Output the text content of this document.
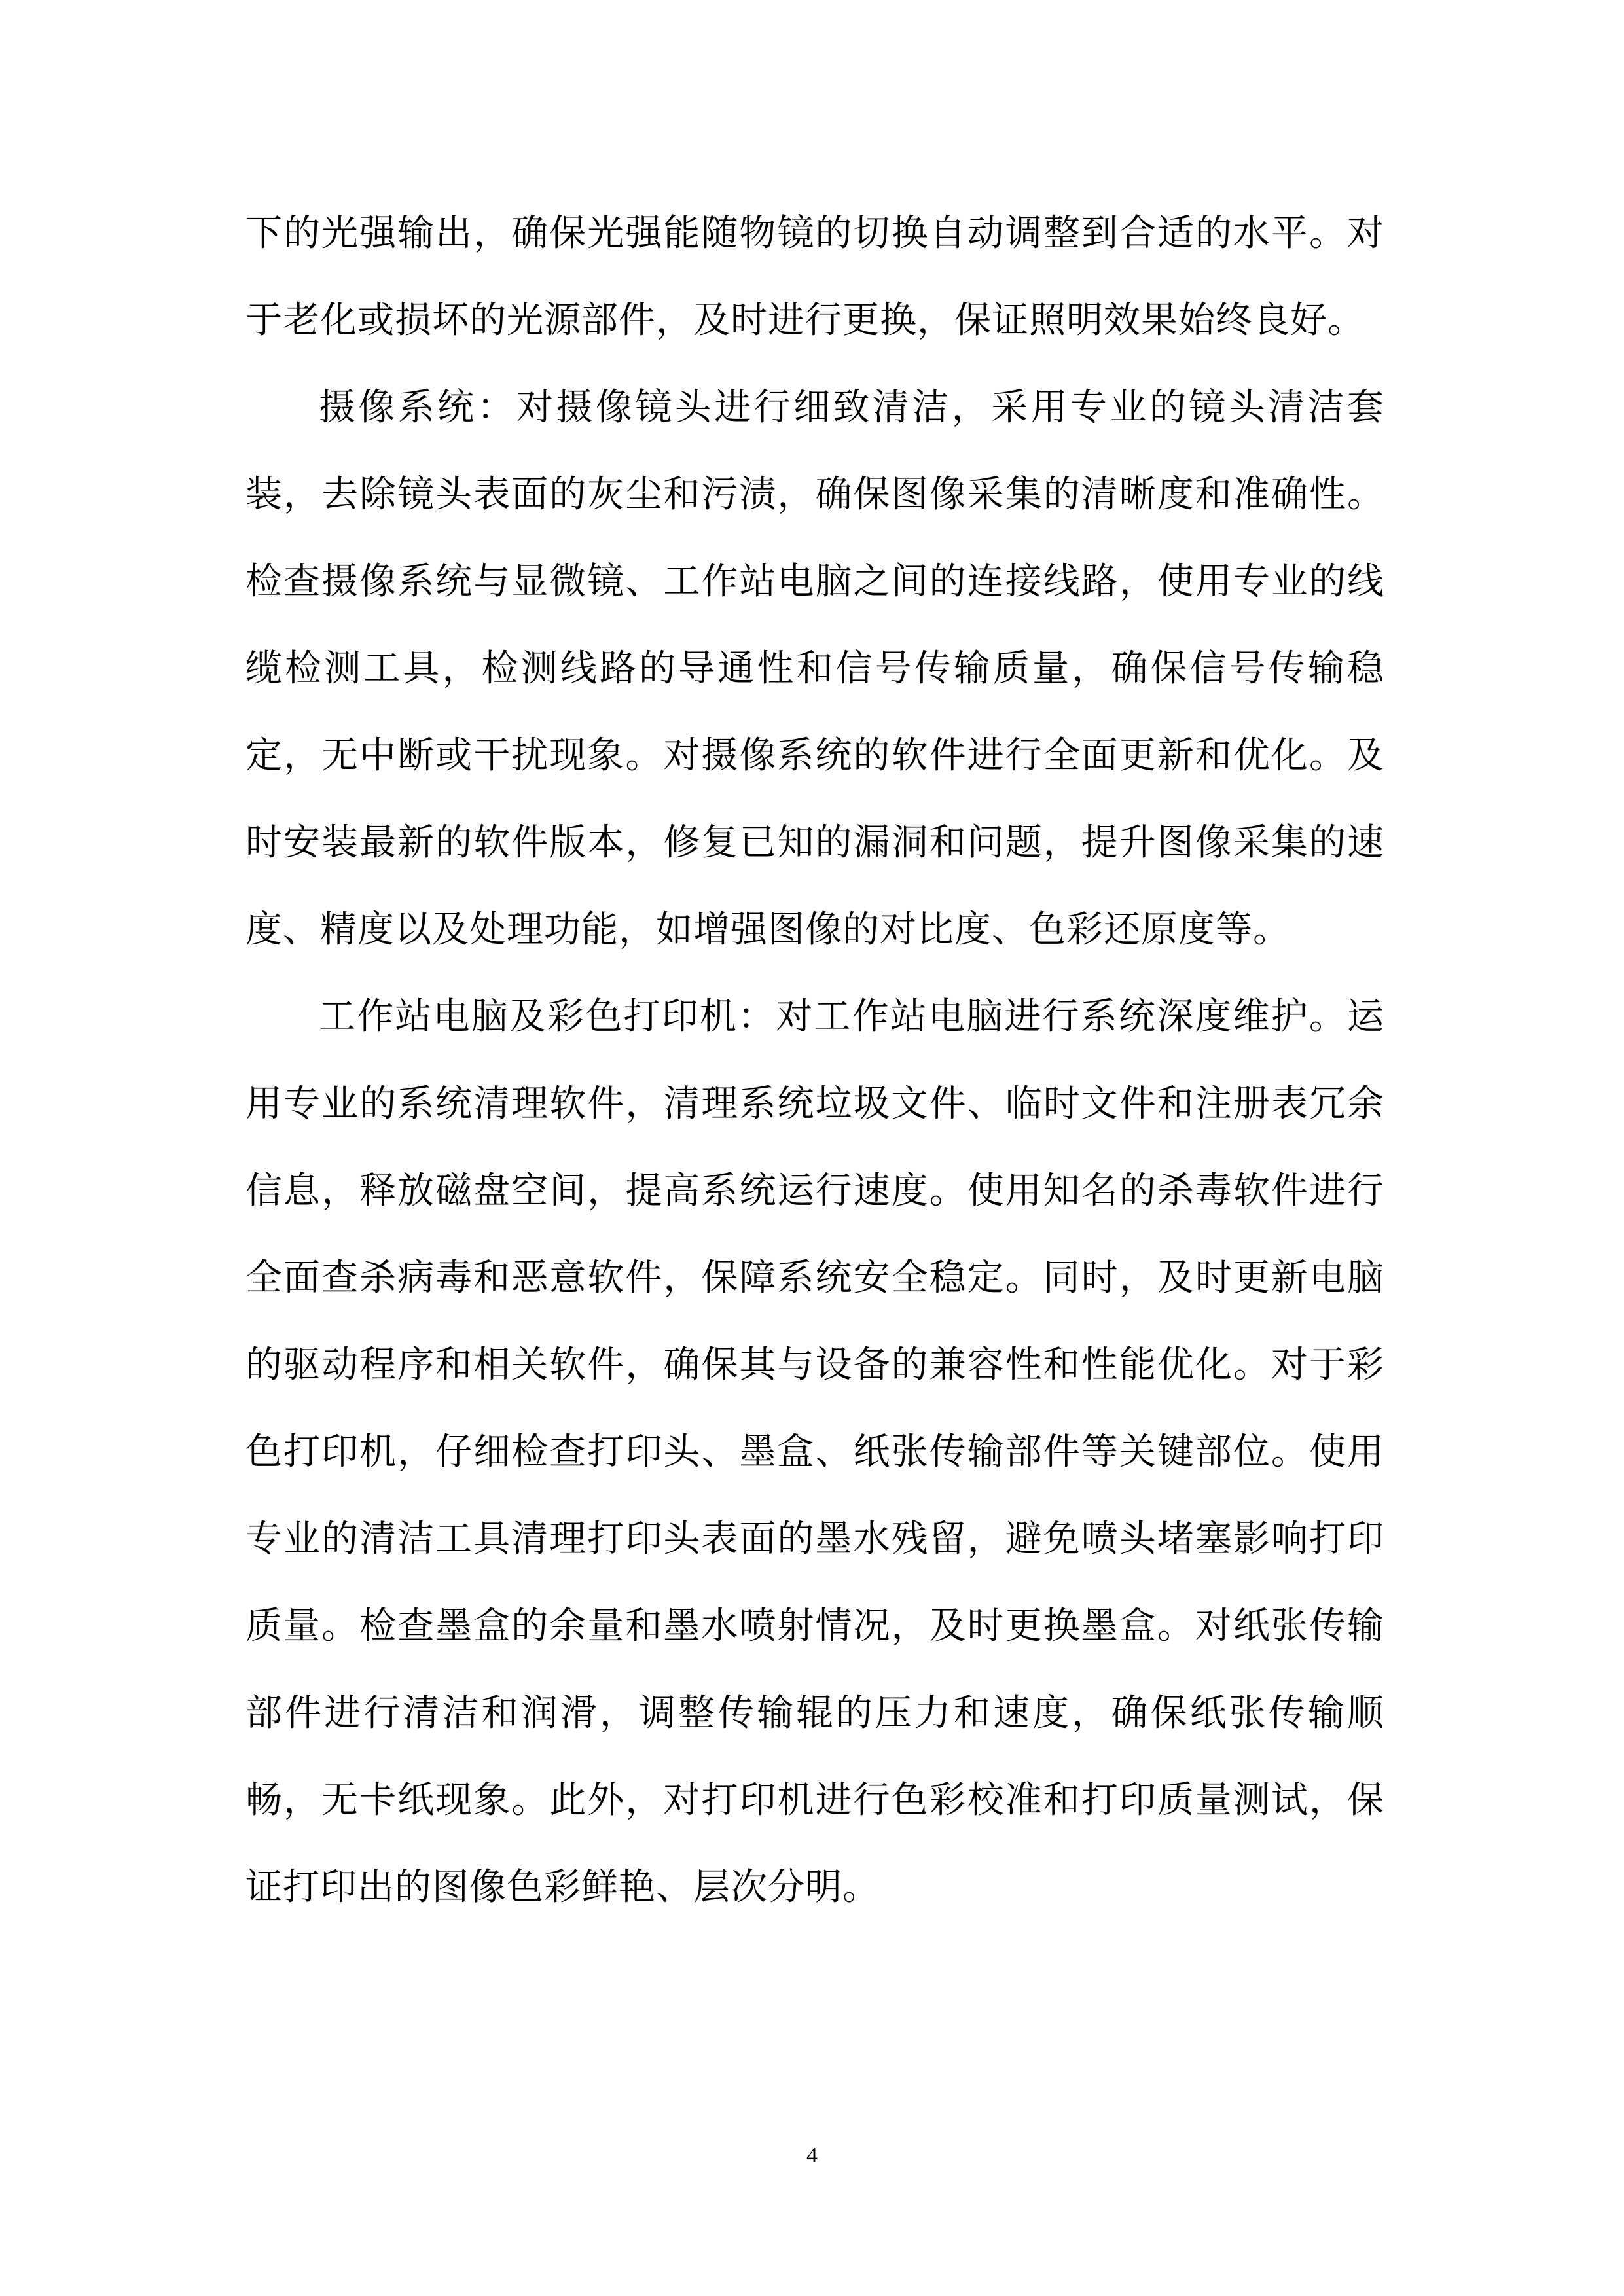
下的光强输出，确保光强能随物镜的切换自动调整到合适的水平。对于老化或损坏的光源部件，及时进行更换，保证照明效果始终良好。

摄像系统：对摄像镜头进行细致清洁，采用专业的镜头清洁套装，去除镜头表面的灰尘和污渍，确保图像采集的清晰度和准确性。检查摄像系统与显微镜、工作站电脑之间的连接线路，使用专业的线缆检测工具，检测线路的导通性和信号传输质量，确保信号传输稳定，无中断或干扰现象。对摄像系统的软件进行全面更新和优化。及时安装最新的软件版本，修复已知的漏洞和问题，提升图像采集的速度、精度以及处理功能，如增强图像的对比度、色彩还原度等。

工作站电脑及彩色打印机：对工作站电脑进行系统深度维护。运用专业的系统清理软件，清理系统垃圾文件、临时文件和注册表冗余信息，释放磁盘空间，提高系统运行速度。使用知名的杀毒软件进行全面查杀病毒和恶意软件，保障系统安全稳定。同时，及时更新电脑的驱动程序和相关软件，确保其与设备的兼容性和性能优化。对于彩色打印机，仔细检查打印头、墨盒、纸张传输部件等关键部位。使用专业的清洁工具清理打印头表面的墨水残留，避免喷头堵塞影响打印质量。检查墨盒的余量和墨水喷射情况，及时更换墨盒。对纸张传输部件进行清洁和润滑，调整传输辊的压力和速度，确保纸张传输顺畅，无卡纸现象。此外，对打印机进行色彩校准和打印质量测试，保证打印出的图像色彩鲜艳、层次分明。

4
